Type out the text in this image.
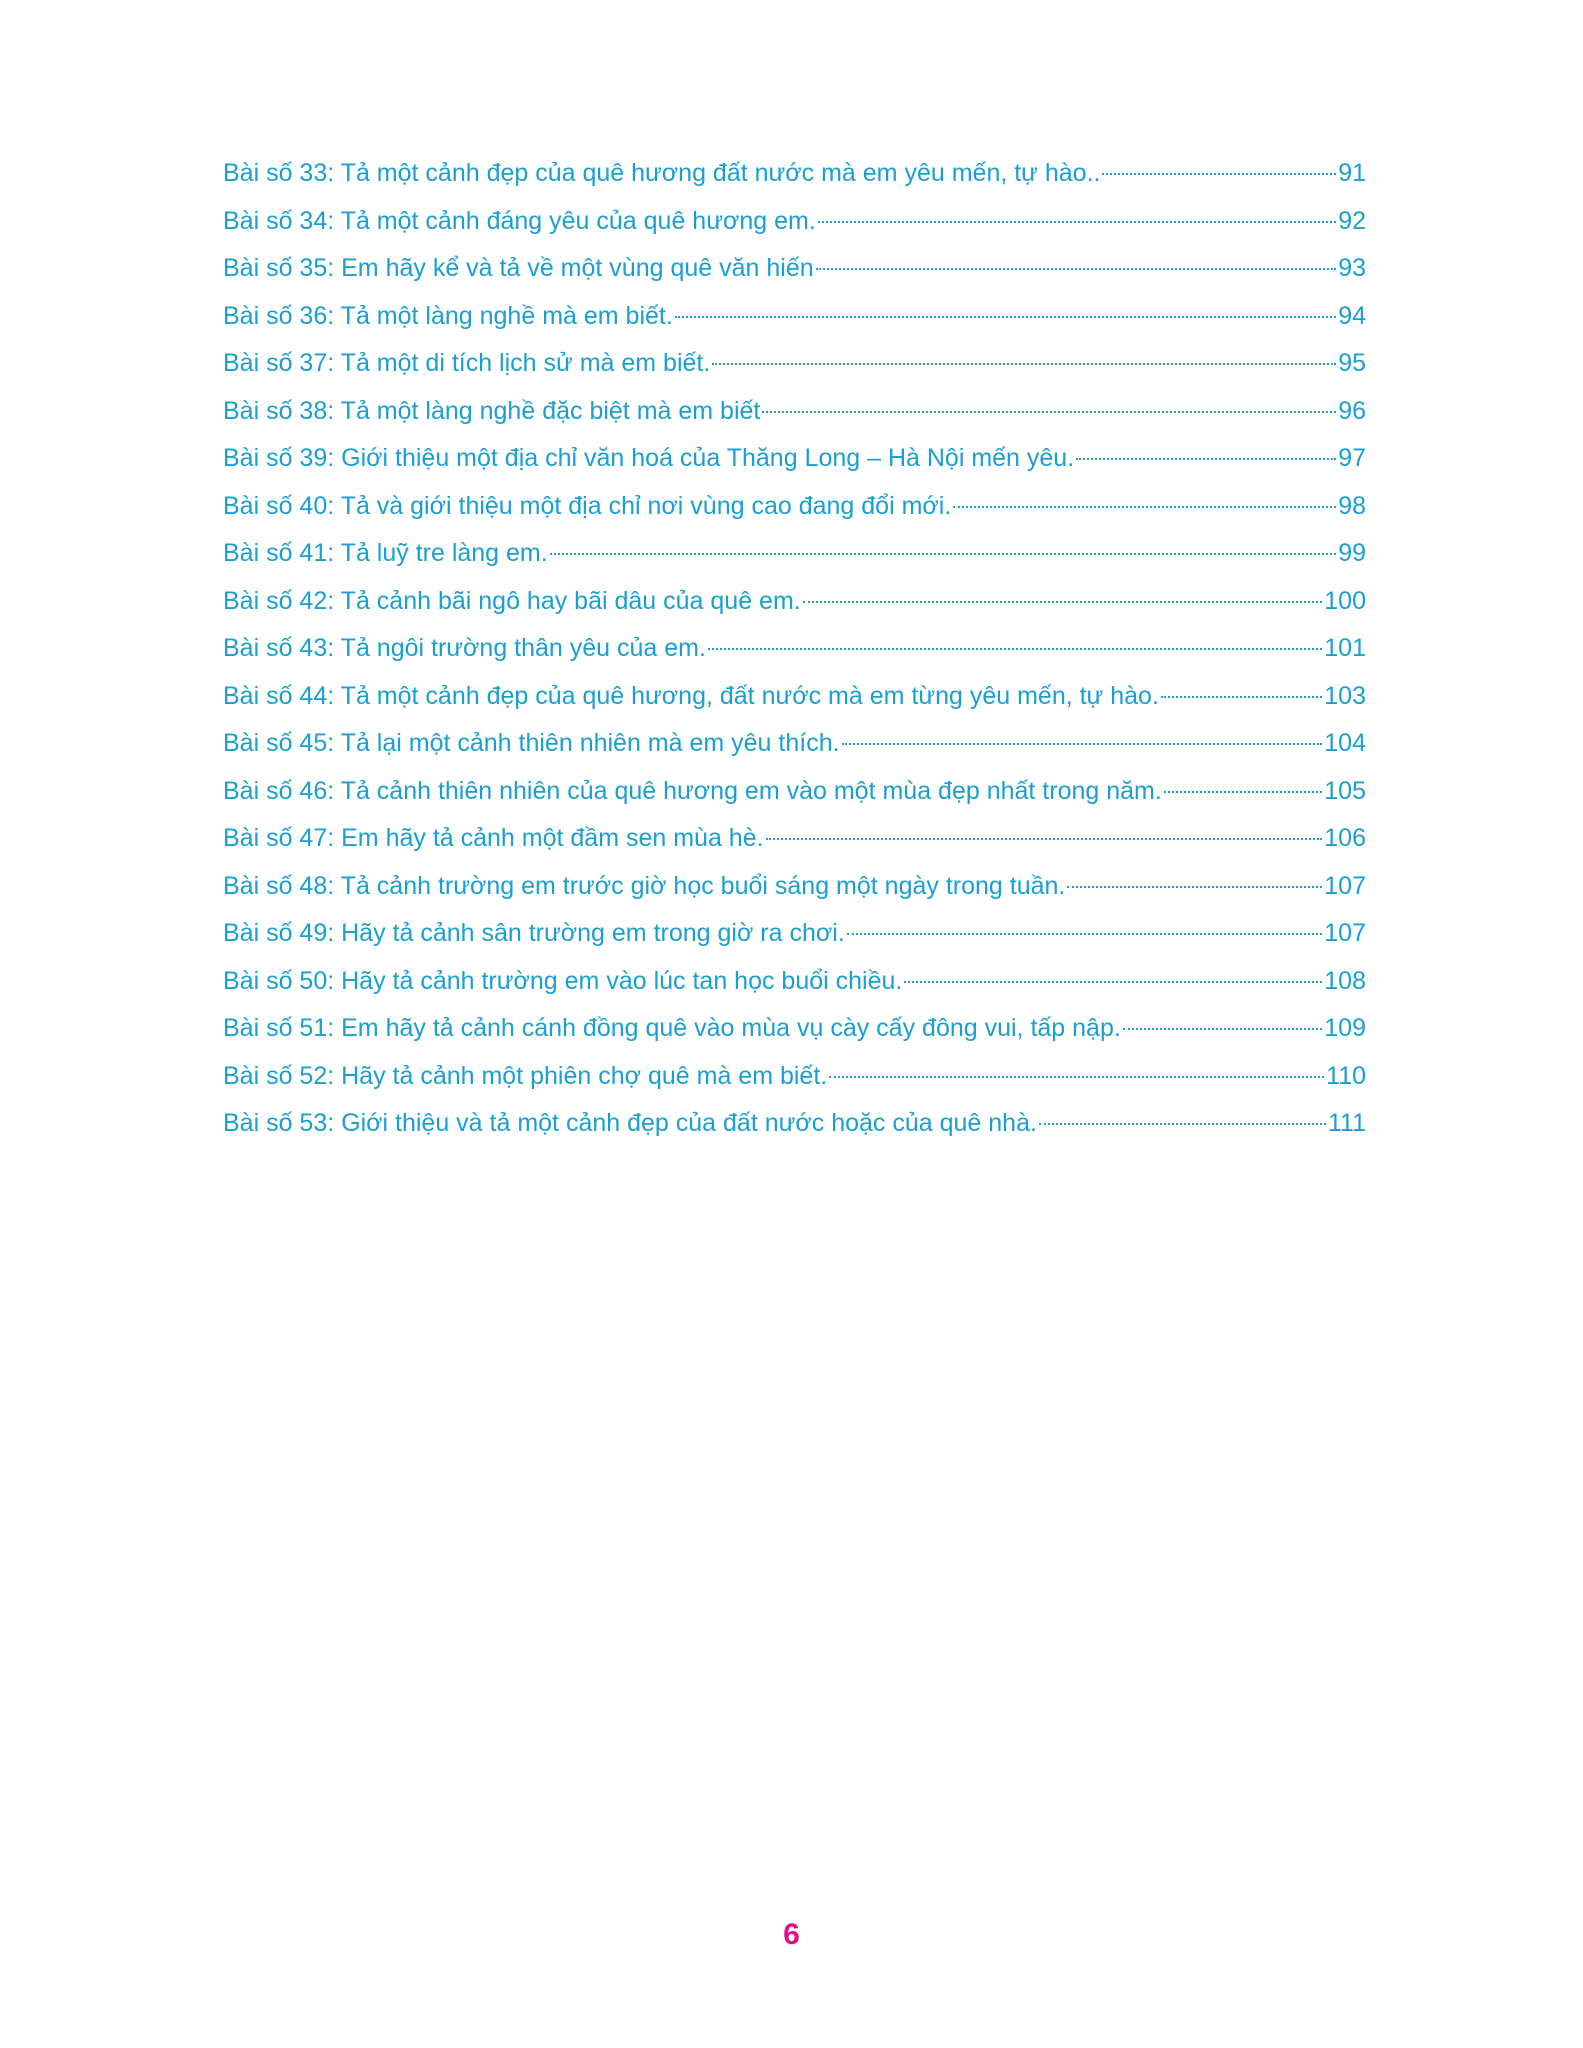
Bài số 33: Tả một cảnh đẹp của quê hương đất nước mà em yêu mến, tự hào..	91
Bài số 34: Tả một cảnh đáng yêu của quê hương em.	92
Bài số 35: Em hãy kể và tả về một vùng quê văn hiến	93
Bài số 36: Tả một làng nghề mà em biết.	94
Bài số 37: Tả một di tích lịch sử mà em biết.	95
Bài số 38: Tả một làng nghề đặc biệt mà em biết	96
Bài số 39: Giới thiệu một địa chỉ văn hoá của Thăng Long – Hà Nội mến yêu.	97
Bài số 40: Tả và giới thiệu một địa chỉ nơi vùng cao đang đổi mới.	98
Bài số 41: Tả luỹ tre làng em.	99
Bài số 42: Tả cảnh bãi ngô hay bãi dâu của quê em.	100
Bài số 43: Tả ngôi trường thân yêu của em.	101
Bài số 44: Tả một cảnh đẹp của quê hương, đất nước mà em từng yêu mến, tự hào.	103
Bài số 45: Tả lại một cảnh thiên nhiên mà em yêu thích.	104
Bài số 46: Tả cảnh thiên nhiên của quê hương em vào một mùa đẹp nhất trong năm.	105
Bài số 47: Em hãy tả cảnh một đầm sen mùa hè.	106
Bài số 48: Tả cảnh trường em trước giờ học buổi sáng một ngày trong tuần.	107
Bài số 49: Hãy tả cảnh sân trường em trong giờ ra chơi.	107
Bài số 50: Hãy tả cảnh trường em vào lúc tan học buổi chiều.	108
Bài số 51: Em hãy tả cảnh cánh đồng quê vào mùa vụ cày cấy đông vui, tấp nập.	109
Bài số 52: Hãy tả cảnh một phiên chợ quê mà em biết.	110
Bài số 53: Giới thiệu và tả một cảnh đẹp của đất nước hoặc của quê nhà.	111
6
